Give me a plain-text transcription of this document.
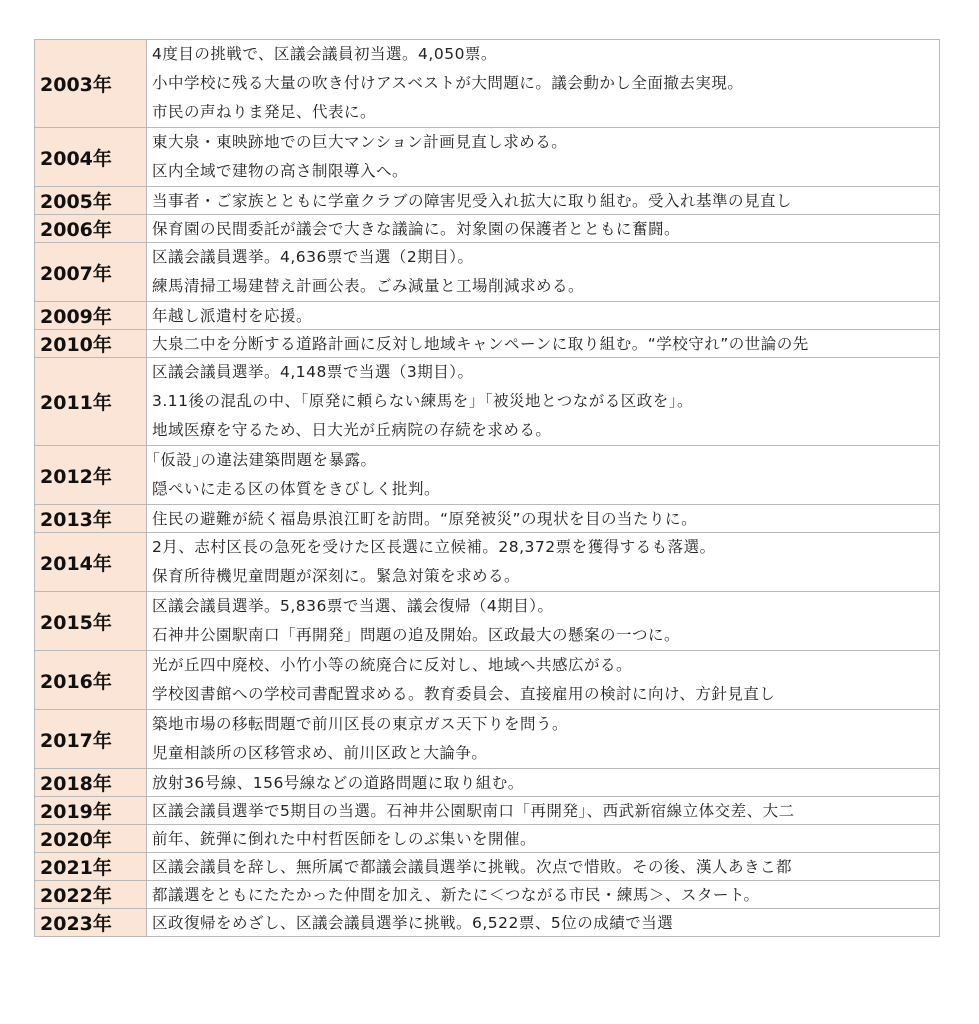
2003年	4度目の挑戦で、区議会議員初当選。4,050票。
小中学校に残る大量の吹き付けアスベストが大問題に。議会動かし全面撤去実現。
市民の声ねりま発足、代表に。

2004年	東大泉・東映跡地での巨大マンション計画見直し求める。
区内全域で建物の高さ制限導入へ。

2005年	当事者・ご家族とともに学童クラブの障害児受入れ拡大に取り組む。受入れ基準の見直し

2006年	保育園の民間委託が議会で大きな議論に。対象園の保護者とともに奮闘。

2007年	区議会議員選挙。4,636票で当選（2期目）。
練馬清掃工場建替え計画公表。ごみ減量と工場削減求める。

2009年	年越し派遣村を応援。

2010年	大泉二中を分断する道路計画に反対し地域キャンペーンに取り組む。“学校守れ”の世論の先

2011年	区議会議員選挙。4,148票で当選（3期目）。
3.11後の混乱の中、「原発に頼らない練馬を」「被災地とつながる区政を」。
地域医療を守るため、日大光が丘病院の存続を求める。

2012年	｢仮設｣の違法建築問題を暴露。
隠ぺいに走る区の体質をきびしく批判。

2013年	住民の避難が続く福島県浪江町を訪問。“原発被災”の現状を目の当たりに。

2014年	2月、志村区長の急死を受けた区長選に立候補。28,372票を獲得するも落選。
保育所待機児童問題が深刻に。緊急対策を求める。

2015年	区議会議員選挙。5,836票で当選、議会復帰（4期目）。
石神井公園駅南口「再開発」問題の追及開始。区政最大の懸案の一つに。

2016年	光が丘四中廃校、小竹小等の統廃合に反対し、地域へ共感広がる。
学校図書館への学校司書配置求める。教育委員会、直接雇用の検討に向け、方針見直し

2017年	築地市場の移転問題で前川区長の東京ガス天下りを問う。
児童相談所の区移管求め、前川区政と大論争。

2018年	放射36号線、156号線などの道路問題に取り組む。

2019年	区議会議員選挙で5期目の当選。石神井公園駅南口「再開発」、西武新宿線立体交差、大二

2020年	前年、銃弾に倒れた中村哲医師をしのぶ集いを開催。

2021年	区議会議員を辞し、無所属で都議会議員選挙に挑戦。次点で惜敗。その後、漢人あきこ都

2022年	都議選をともにたたかった仲間を加え、新たに＜つながる市民・練馬＞、スタート。

2023年	区政復帰をめざし、区議会議員選挙に挑戦。6,522票、5位の成績で当選
